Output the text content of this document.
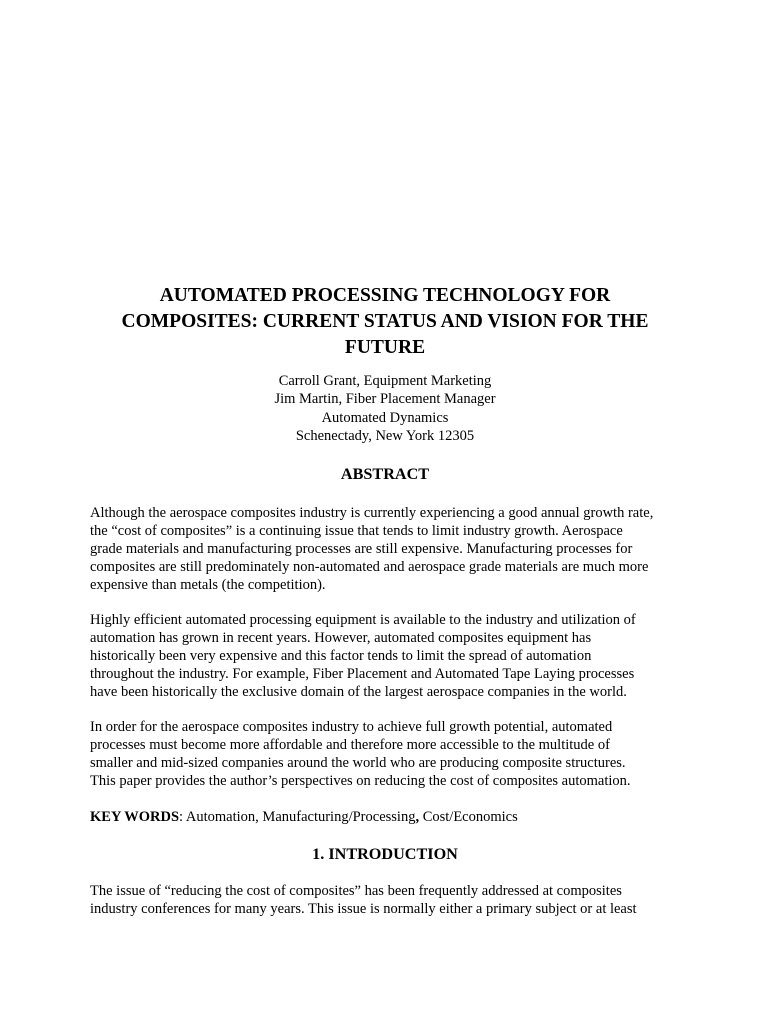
AUTOMATED PROCESSING TECHNOLOGY FOR
COMPOSITES: CURRENT STATUS AND VISION FOR THE
FUTURE
Carroll Grant, Equipment Marketing
Jim Martin, Fiber Placement Manager
Automated Dynamics
Schenectady, New York 12305
ABSTRACT
Although the aerospace composites industry is currently experiencing a good annual growth rate,
the “cost of composites” is a continuing issue that tends to limit industry growth. Aerospace
grade materials and manufacturing processes are still expensive. Manufacturing processes for
composites are still predominately non-automated and aerospace grade materials are much more
expensive than metals (the competition).
Highly efficient automated processing equipment is available to the industry and utilization of
automation has grown in recent years. However, automated composites equipment has
historically been very expensive and this factor tends to limit the spread of automation
throughout the industry. For example, Fiber Placement and Automated Tape Laying processes
have been historically the exclusive domain of the largest aerospace companies in the world.
In order for the aerospace composites industry to achieve full growth potential, automated
processes must become more affordable and therefore more accessible to the multitude of
smaller and mid-sized companies around the world who are producing composite structures.
This paper provides the author’s perspectives on reducing the cost of composites automation.
KEY WORDS: Automation, Manufacturing/Processing, Cost/Economics
1. INTRODUCTION
The issue of “reducing the cost of composites” has been frequently addressed at composites
industry conferences for many years. This issue is normally either a primary subject or at least
